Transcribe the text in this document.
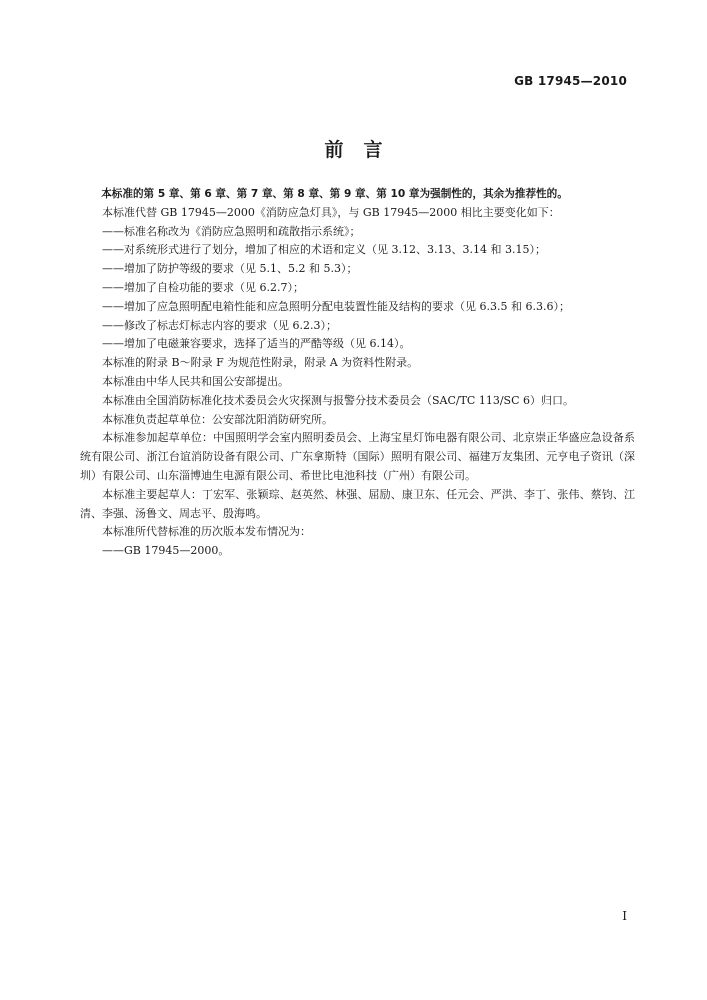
GB 17945—2010
前言

本标准的第 5 章、第 6 章、第 7 章、第 8 章、第 9 章、第 10 章为强制性的，其余为推荐性的。

本标准代替 GB 17945—2000《消防应急灯具》，与 GB 17945—2000 相比主要变化如下：

——标准名称改为《消防应急照明和疏散指示系统》；

——对系统形式进行了划分，增加了相应的术语和定义（见 3.12、3.13、3.14 和 3.15）；

——增加了防护等级的要求（见 5.1、5.2 和 5.3）；

——增加了自检功能的要求（见 6.2.7）；

——增加了应急照明配电箱性能和应急照明分配电装置性能及结构的要求（见 6.3.5 和 6.3.6）；

——修改了标志灯标志内容的要求（见 6.2.3）；

——增加了电磁兼容要求，选择了适当的严酷等级（见 6.14）。

本标准的附录 B～附录 F 为规范性附录，附录 A 为资料性附录。

本标准由中华人民共和国公安部提出。

本标准由全国消防标准化技术委员会火灾探测与报警分技术委员会（SAC/TC 113/SC 6）归口。

本标准负责起草单位：公安部沈阳消防研究所。

本标准参加起草单位：中国照明学会室内照明委员会、上海宝星灯饰电器有限公司、北京崇正华盛应急设备系统有限公司、浙江台谊消防设备有限公司、广东拿斯特（国际）照明有限公司、福建万友集团、元亨电子资讯（深圳）有限公司、山东淄博迪生电源有限公司、希世比电池科技（广州）有限公司。

本标准主要起草人：丁宏军、张颖琮、赵英然、林强、屈励、康卫东、任元会、严洪、李丁、张伟、蔡钧、江清、李强、汤鲁文、周志平、殷海鸣。

本标准所代替标准的历次版本发布情况为：

——GB 17945—2000。

I
